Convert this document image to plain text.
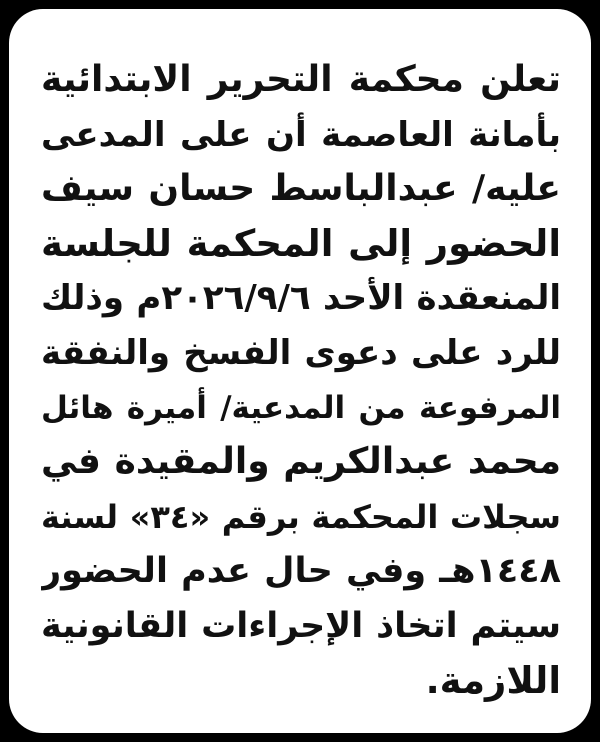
تعلن محكمة التحرير الابتدائية
بأمانة العاصمة أن على المدعى
عليه/ عبدالباسط حسان سيف
الحضور إلى المحكمة للجلسة
المنعقدة الأحد ٢٠٢٦/٩/٦م وذلك
للرد على دعوى الفسخ والنفقة
المرفوعة من المدعية/ أميرة هائل
محمد عبدالكريم والمقيدة في
سجلات المحكمة برقم «٣٤» لسنة
١٤٤٨هـ وفي حال عدم الحضور
سيتم اتخاذ الإجراءات القانونية
اللازمة.
